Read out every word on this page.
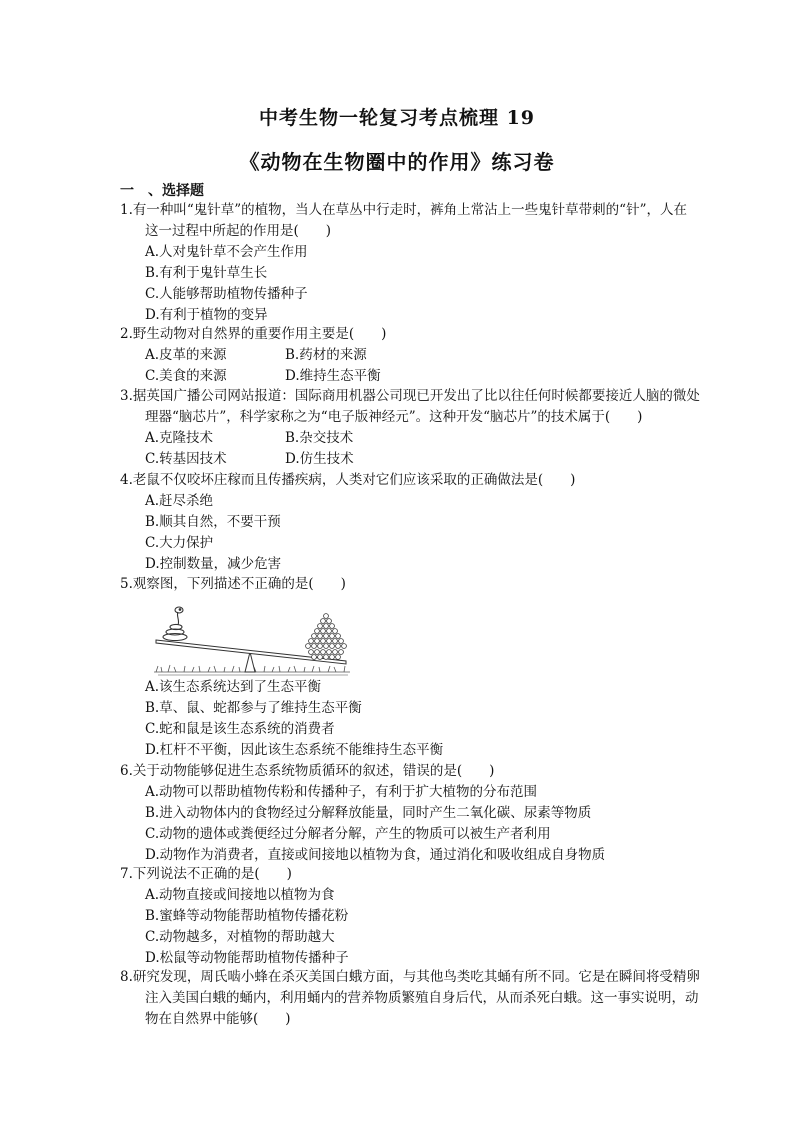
中考生物一轮复习考点梳理 19
《动物在生物圈中的作用》练习卷
一　、选择题
1.有一种叫“鬼针草”的植物，当人在草丛中行走时，裤角上常沾上一些鬼针草带刺的“针”，人在这一过程中所起的作用是(　　)
A.人对鬼针草不会产生作用
B.有利于鬼针草生长
C.人能够帮助植物传播种子
D.有利于植物的变异
2.野生动物对自然界的重要作用主要是(　　)
A.皮革的来源	B.药材的来源
C.美食的来源	D.维持生态平衡
3.据英国广播公司网站报道：国际商用机器公司现已开发出了比以往任何时候都要接近人脑的微处理器“脑芯片”，科学家称之为“电子版神经元”。这种开发“脑芯片”的技术属于(　　)
A.克隆技术	B.杂交技术
C.转基因技术	D.仿生技术
4.老鼠不仅咬坏庄稼而且传播疾病，人类对它们应该采取的正确做法是(　　)
A.赶尽杀绝
B.顺其自然，不要干预
C.大力保护
D.控制数量，减少危害
5.观察图，下列描述不正确的是(　　)
A.该生态系统达到了生态平衡
B.草、鼠、蛇都参与了维持生态平衡
C.蛇和鼠是该生态系统的消费者
D.杠杆不平衡，因此该生态系统不能维持生态平衡
6.关于动物能够促进生态系统物质循环的叙述，错误的是(　　)
A.动物可以帮助植物传粉和传播种子，有利于扩大植物的分布范围
B.进入动物体内的食物经过分解释放能量，同时产生二氧化碳、尿素等物质
C.动物的遗体或粪便经过分解者分解，产生的物质可以被生产者利用
D.动物作为消费者，直接或间接地以植物为食，通过消化和吸收组成自身物质
7.下列说法不正确的是(　　)
A.动物直接或间接地以植物为食
B.蜜蜂等动物能帮助植物传播花粉
C.动物越多，对植物的帮助越大
D.松鼠等动物能帮助植物传播种子
8.研究发现，周氏啮小蜂在杀灭美国白蛾方面，与其他鸟类吃其蛹有所不同。它是在瞬间将受精卵注入美国白蛾的蛹内，利用蛹内的营养物质繁殖自身后代，从而杀死白蛾。这一事实说明，动物在自然界中能够(　　)
